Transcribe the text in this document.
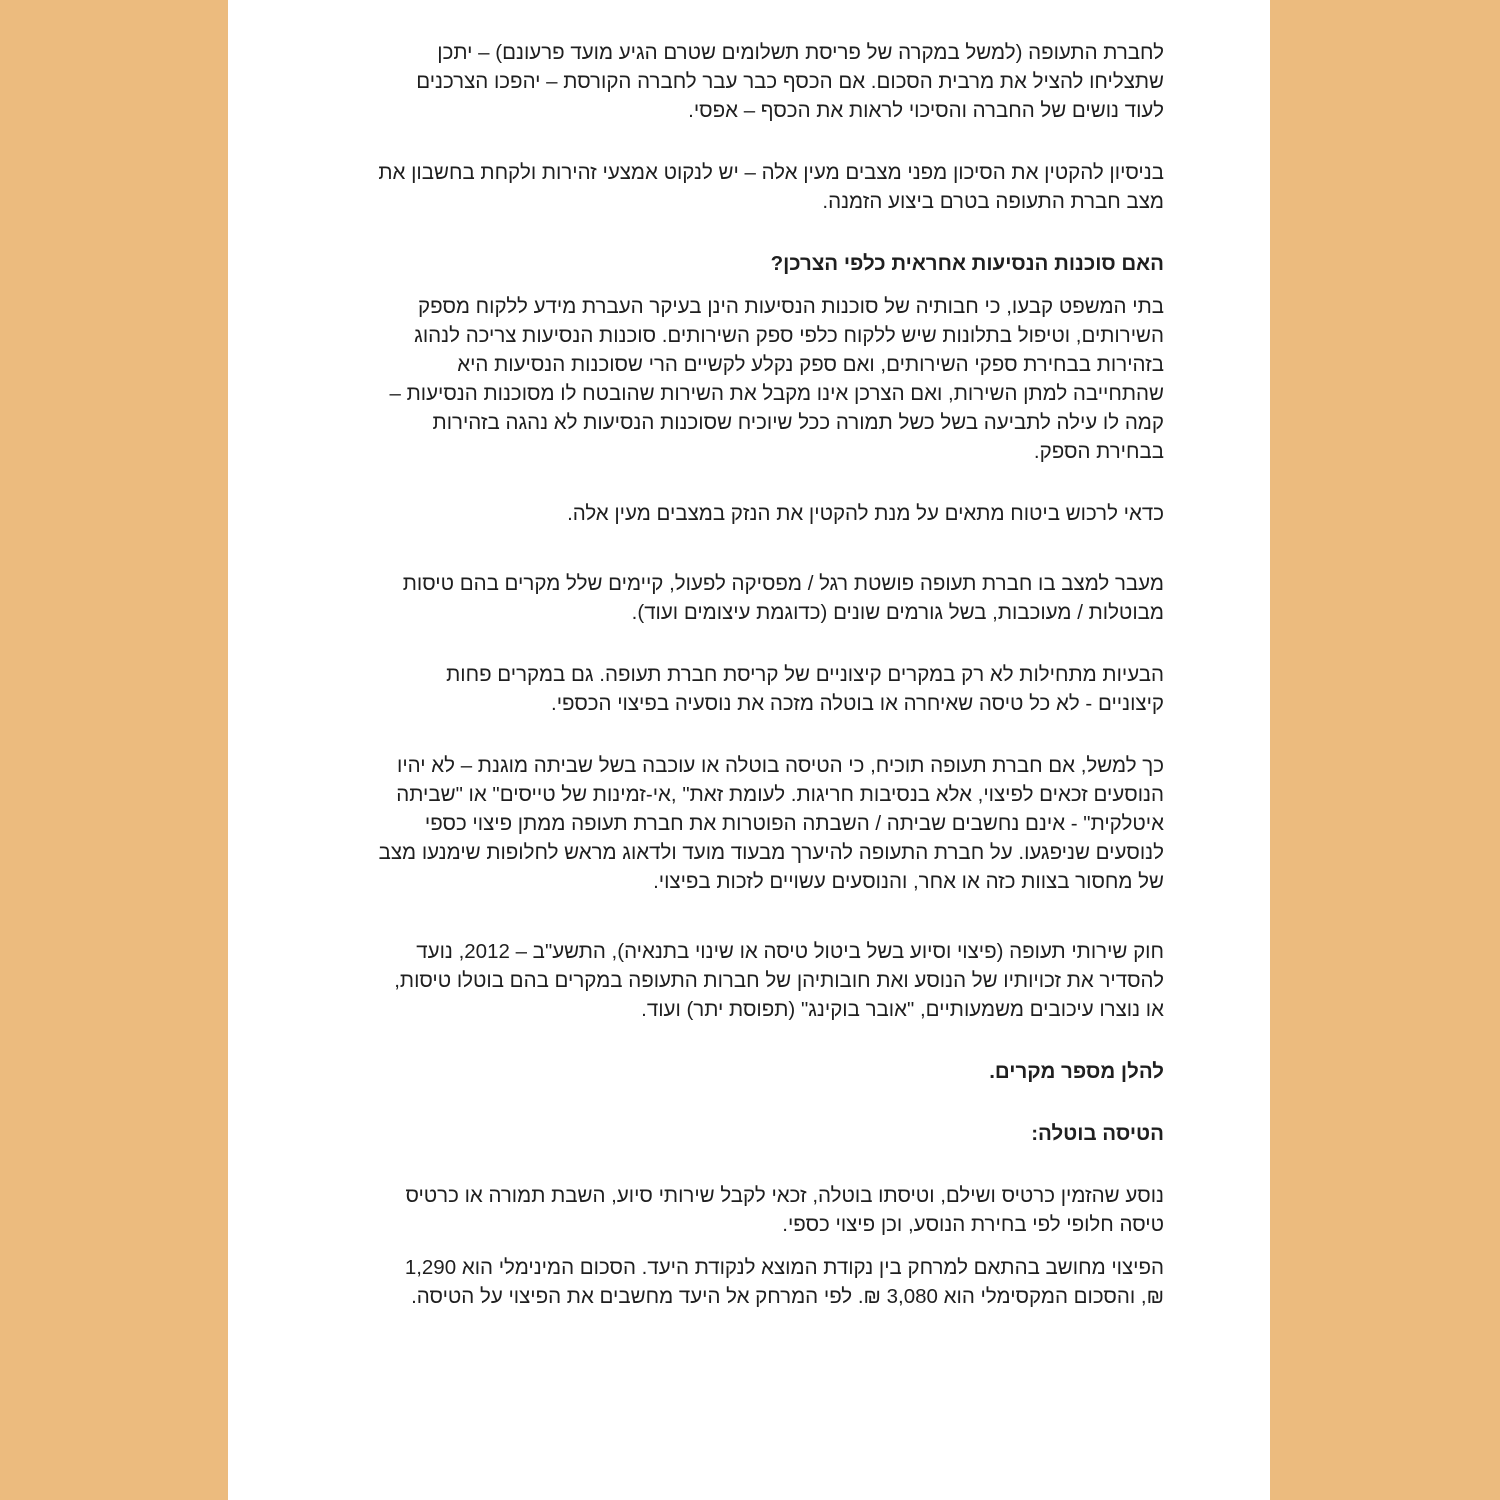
לחברת התעופה (למשל במקרה של פריסת תשלומים שטרם הגיע מועד פרעונם) – יתכן שתצליחו להציל את מרבית הסכום. אם הכסף כבר עבר לחברה הקורסת – יהפכו הצרכנים לעוד נושים של החברה והסיכוי לראות את הכסף – אפסי.

בניסיון להקטין את הסיכון מפני מצבים מעין אלה – יש לנקוט אמצעי זהירות ולקחת בחשבון את מצב חברת התעופה בטרם ביצוע הזמנה.

האם סוכנות הנסיעות אחראית כלפי הצרכן?

בתי המשפט קבעו, כי חבותיה של סוכנות הנסיעות הינן בעיקר העברת מידע ללקוח מספק השירותים, וטיפול בתלונות שיש ללקוח כלפי ספק השירותים. סוכנות הנסיעות צריכה לנהוג בזהירות בבחירת ספקי השירותים, ואם ספק נקלע לקשיים הרי שסוכנות הנסיעות היא שהתחייבה למתן השירות, ואם הצרכן אינו מקבל את השירות שהובטח לו מסוכנות הנסיעות – קמה לו עילה לתביעה בשל כשל תמורה ככל שיוכיח שסוכנות הנסיעות לא נהגה בזהירות בבחירת הספק.

כדאי לרכוש ביטוח מתאים על מנת להקטין את הנזק במצבים מעין אלה.

מעבר למצב בו חברת תעופה פושטת רגל / מפסיקה לפעול, קיימים שלל מקרים בהם טיסות מבוטלות / מעוכבות, בשל גורמים שונים (כדוגמת עיצומים ועוד).

הבעיות מתחילות לא רק במקרים קיצוניים של קריסת חברת תעופה. גם במקרים פחות קיצוניים - לא כל טיסה שאיחרה או בוטלה מזכה את נוסעיה בפיצוי הכספי.

כך למשל, אם חברת תעופה תוכיח, כי הטיסה בוטלה או עוכבה בשל שביתה מוגנת – לא יהיו הנוסעים זכאים לפיצוי, אלא בנסיבות חריגות. לעומת זאת" ,אי-זמינות של טייסים" או "שביתה איטלקית" - אינם נחשבים שביתה / השבתה הפוטרות את חברת תעופה ממתן פיצוי כספי לנוסעים שניפגעו. על חברת התעופה להיערך מבעוד מועד ולדאוג מראש לחלופות שימנעו מצב של מחסור בצוות כזה או אחר, והנוסעים עשויים לזכות בפיצוי.

חוק שירותי תעופה (פיצוי וסיוע בשל ביטול טיסה או שינוי בתנאיה), התשע"ב – 2012, נועד להסדיר את זכויותיו של הנוסע ואת חובותיהן של חברות התעופה במקרים בהם בוטלו טיסות, או נוצרו עיכובים משמעותיים, "אובר בוקינג" (תפוסת יתר) ועוד.

להלן מספר מקרים.

הטיסה בוטלה:

נוסע שהזמין כרטיס ושילם, וטיסתו בוטלה, זכאי לקבל שירותי סיוע, השבת תמורה או כרטיס טיסה חלופי לפי בחירת הנוסע, וכן פיצוי כספי.

הפיצוי מחושב בהתאם למרחק בין נקודת המוצא לנקודת היעד. הסכום המינימלי הוא 1,290 ₪, והסכום המקסימלי הוא 3,080 ₪. לפי המרחק אל היעד מחשבים את הפיצוי על הטיסה.
